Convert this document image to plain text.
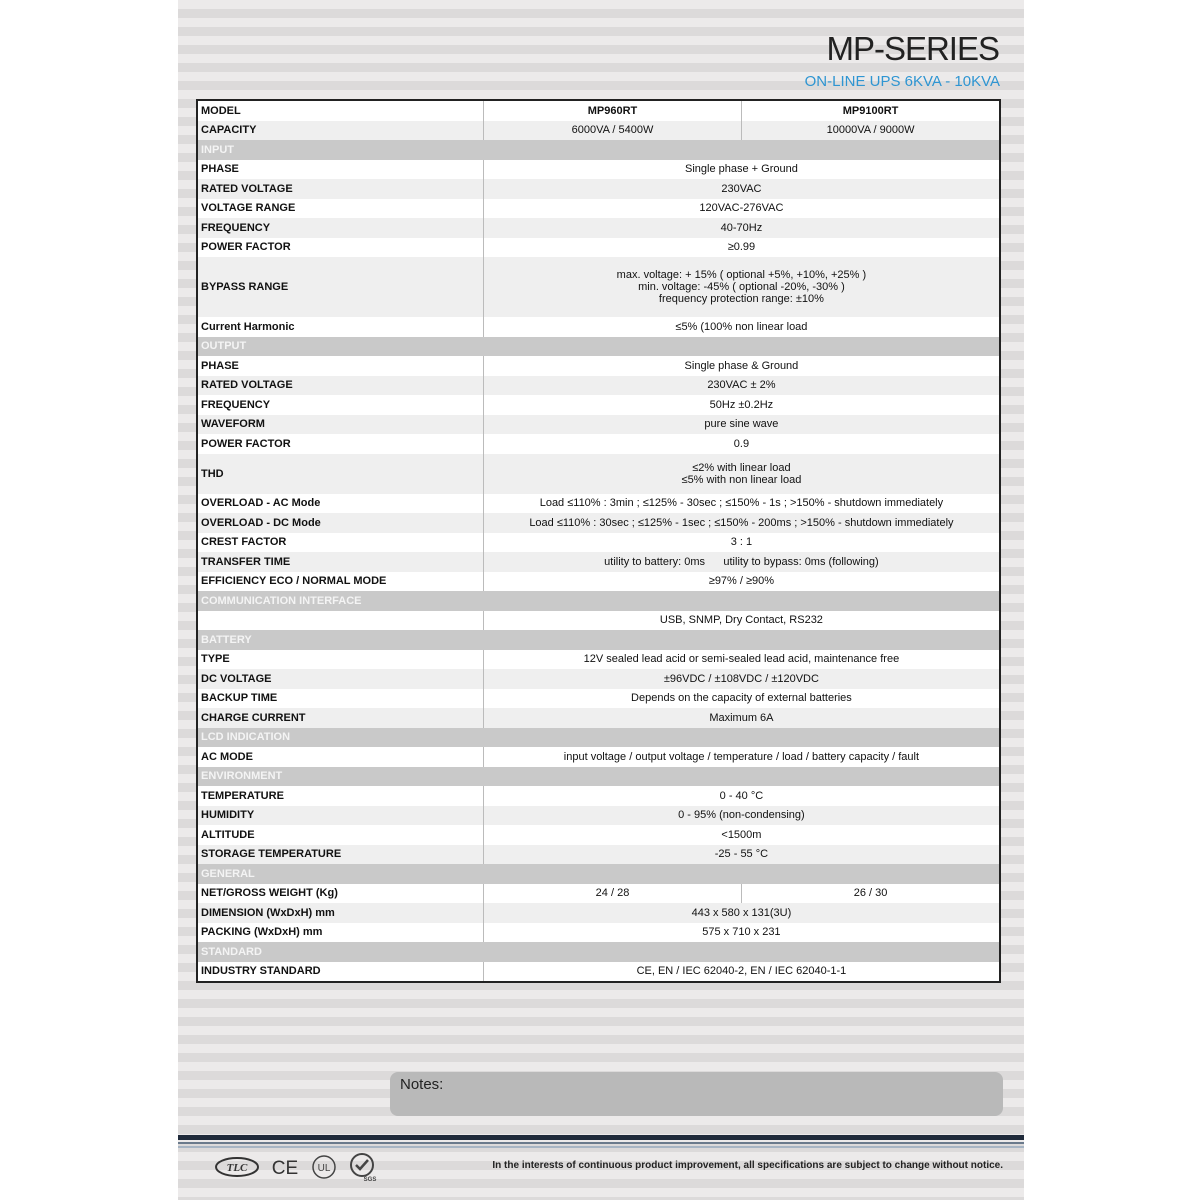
MP-SERIES
ON-LINE UPS 6KVA - 10KVA
MODEL	MP960RT	MP9100RT
CAPACITY	6000VA / 5400W	10000VA / 9000W
INPUT		
PHASE	Single phase + Ground	
RATED VOLTAGE	230VAC	
VOLTAGE RANGE	120VAC-276VAC	
FREQUENCY	40-70Hz	
POWER FACTOR	≥0.99	
BYPASS RANGE	max. voltage: + 15% ( optional +5%, +10%, +25% )
min. voltage: -45% ( optional -20%, -30% )
frequency protection range: ±10%	

Current Harmonic	≤5% (100% non linear load	
OUTPUT		
PHASE	Single phase & Ground	
RATED VOLTAGE	230VAC ± 2%	
FREQUENCY	50Hz ±0.2Hz	
WAVEFORM	pure sine wave	
POWER FACTOR	0.9	
THD	≤2% with linear load
≤5% with non linear load	

OVERLOAD - AC Mode	Load ≤110% : 3min ; ≤125% - 30sec ; ≤150% - 1s ; >150% - shutdown immediately	
OVERLOAD - DC Mode	Load ≤110% : 30sec ; ≤125% - 1sec ; ≤150% - 200ms ; >150% - shutdown immediately	
CREST FACTOR	3 : 1	
TRANSFER TIME	utility to battery: 0ms      utility to bypass: 0ms (following)	
EFFICIENCY ECO / NORMAL MODE	≥97% / ≥90%	
COMMUNICATION INTERFACE		
	USB, SNMP, Dry Contact, RS232	
BATTERY		
TYPE	12V sealed lead acid or semi-sealed lead acid, maintenance free	
DC VOLTAGE	±96VDC / ±108VDC / ±120VDC	
BACKUP TIME	Depends on the capacity of external batteries	
CHARGE CURRENT	Maximum 6A	
LCD INDICATION		
AC MODE	input voltage / output voltage / temperature / load / battery capacity / fault	
ENVIRONMENT		
TEMPERATURE	0 - 40 °C	
HUMIDITY	0 - 95% (non-condensing)	
ALTITUDE	<1500m	
STORAGE TEMPERATURE	-25 - 55 °C	
GENERAL		
NET/GROSS WEIGHT (Kg)	24 / 28	26 / 30
DIMENSION (WxDxH) mm	443 x 580 x 131(3U)	
PACKING (WxDxH) mm	575 x 710 x 231	
STANDARD		
INDUSTRY STANDARD	CE, EN / IEC 62040-2, EN / IEC 62040-1-1	
Notes:
TLC CE UL
SGS
In the interests of continuous product improvement, all specifications are subject to change without notice.
